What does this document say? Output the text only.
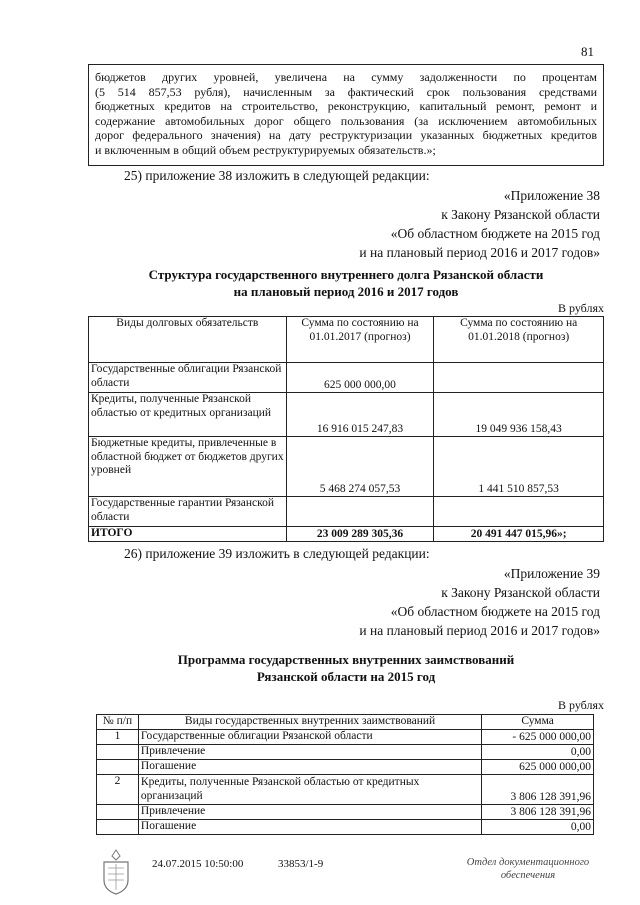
81
бюджетов других уровней, увеличена на сумму задолженности по процентам
(5 514 857,53 рубля), начисленным за фактический срок пользования средствами
бюджетных кредитов на строительство, реконструкцию, капитальный ремонт, ремонт и
содержание автомобильных дорог общего пользования (за исключением автомобильных
дорог федерального значения) на дату реструктуризации указанных бюджетных кредитов
и включенным в общий объем реструктурируемых обязательств.»;
25) приложение 38 изложить в следующей редакции:
«Приложение 38
к Закону Рязанской области
«Об областном бюджете на 2015 год
и на плановый период 2016 и 2017 годов»
Структура государственного внутреннего долга Рязанской области
на плановый период 2016 и 2017 годов
В рублях
Виды долговых обязательств	Сумма по состоянию на 01.01.2017 (прогноз)	Сумма по состоянию на 01.01.2018 (прогноз)
Государственные облигации Рязанской области	625 000 000,00	
Кредиты, полученные Рязанской областью от кредитных организаций	16 916 015 247,83	19 049 936 158,43
Бюджетные кредиты, привлеченные в областной бюджет от бюджетов других уровней	5 468 274 057,53	1 441 510 857,53
Государственные гарантии Рязанской области		
ИТОГО	23 009 289 305,36	20 491 447 015,96»;
26) приложение 39 изложить в следующей редакции:
«Приложение 39
к Закону Рязанской области
«Об областном бюджете на 2015 год
и на плановый период 2016 и 2017 годов»
Программа государственных внутренних заимствований
Рязанской области на 2015 год
В рублях
№ п/п	Виды государственных внутренних заимствований	Сумма
1	Государственные облигации Рязанской области	- 625 000 000,00
	Привлечение	0,00
	Погашение	625 000 000,00
2	Кредиты, полученные Рязанской областью от кредитных организаций	3 806 128 391,96
	Привлечение	3 806 128 391,96
	Погашение	0,00
24.07.2015 10:50:00	33853/1-9	Отдел документационного
обеспечения
